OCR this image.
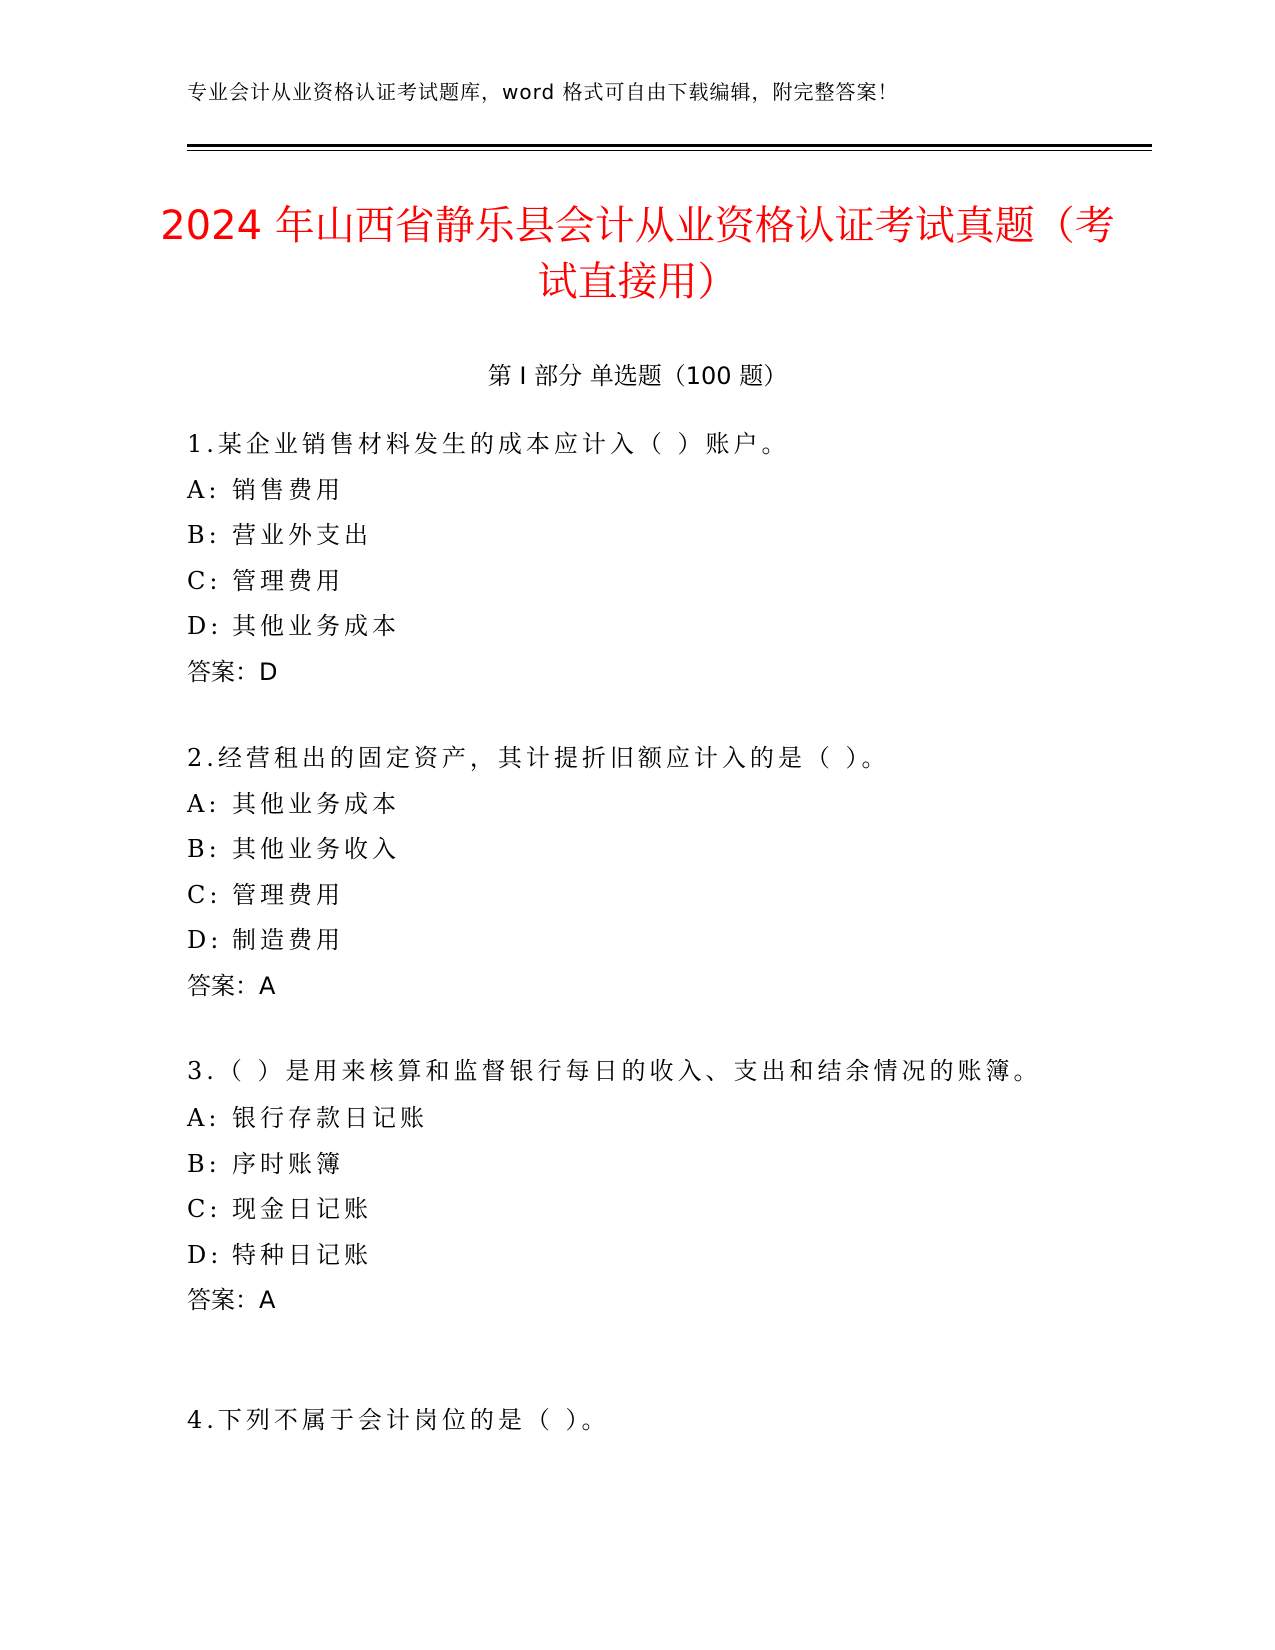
专业会计从业资格认证考试题库，word 格式可自由下载编辑，附完整答案！
2024 年山西省静乐县会计从业资格认证考试真题（考试直接用）
第 I 部分 单选题（100 题）
1.某企业销售材料发生的成本应计入（ ）账户。
A: 销售费用
B: 营业外支出
C: 管理费用
D: 其他业务成本
答案：D
2.经营租出的固定资产，其计提折旧额应计入的是（ ）。
A: 其他业务成本
B: 其他业务收入
C: 管理费用
D: 制造费用
答案：A
3.（ ）是用来核算和监督银行每日的收入、支出和结余情况的账簿。
A: 银行存款日记账
B: 序时账簿
C: 现金日记账
D: 特种日记账
答案：A
4.下列不属于会计岗位的是（ ）。
